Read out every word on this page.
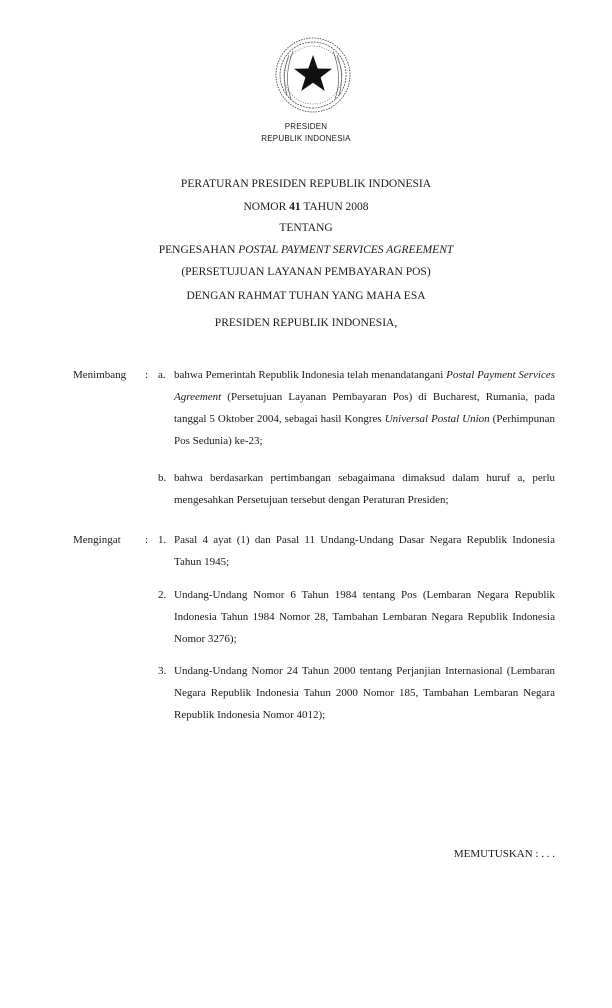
PRESIDEN
REPUBLIK INDONESIA
PERATURAN PRESIDEN REPUBLIK INDONESIA
NOMOR 41 TAHUN 2008
TENTANG
PENGESAHAN POSTAL PAYMENT SERVICES AGREEMENT
(PERSETUJUAN LAYANAN PEMBAYARAN POS)
DENGAN RAHMAT TUHAN YANG MAHA ESA
PRESIDEN REPUBLIK INDONESIA,
Menimbang : a. bahwa Pemerintah Republik Indonesia telah menandatangani Postal Payment Services Agreement (Persetujuan Layanan Pembayaran Pos) di Bucharest, Rumania, pada tanggal 5 Oktober 2004, sebagai hasil Kongres Universal Postal Union (Perhimpunan Pos Sedunia) ke-23;

b. bahwa berdasarkan pertimbangan sebagaimana dimaksud dalam huruf a, perlu mengesahkan Persetujuan tersebut dengan Peraturan Presiden;

Mengingat : 1. Pasal 4 ayat (1) dan Pasal 11 Undang-Undang Dasar Negara Republik Indonesia Tahun 1945;

2. Undang-Undang Nomor 6 Tahun 1984 tentang Pos (Lembaran Negara Republik Indonesia Tahun 1984 Nomor 28, Tambahan Lembaran Negara Republik Indonesia Nomor 3276);

3. Undang-Undang Nomor 24 Tahun 2000 tentang Perjanjian Internasional (Lembaran Negara Republik Indonesia Tahun 2000 Nomor 185, Tambahan Lembaran Negara Republik Indonesia Nomor 4012);

MEMUTUSKAN : . . .
